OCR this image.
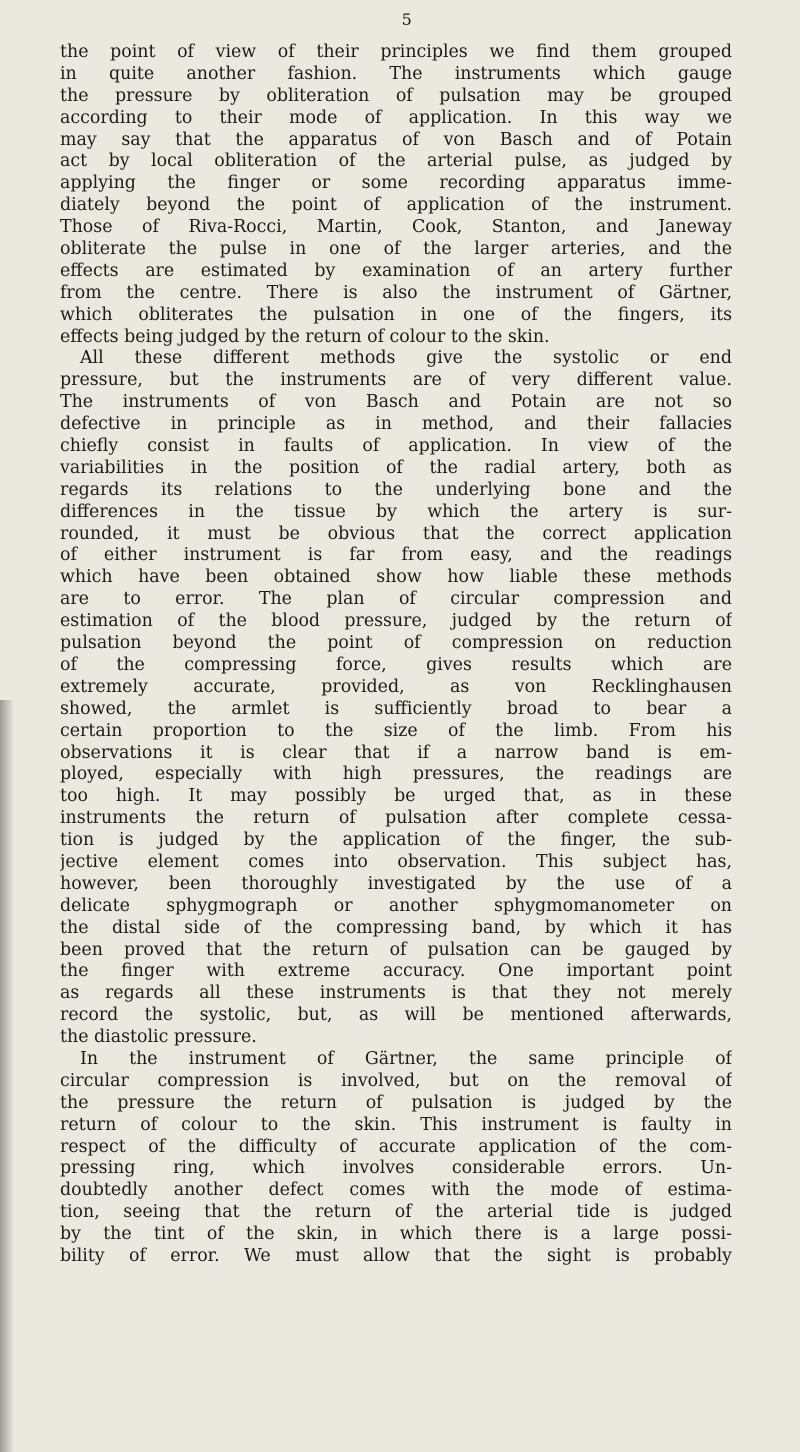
5
the point of view of their principles we find them grouped
in quite another fashion. The instruments which gauge
the pressure by obliteration of pulsation may be grouped
according to their mode of application. In this way we
may say that the apparatus of von Basch and of Potain
act by local obliteration of the arterial pulse, as judged by
applying the finger or some recording apparatus imme-
diately beyond the point of application of the instrument.
Those of Riva-Rocci, Martin, Cook, Stanton, and Janeway
obliterate the pulse in one of the larger arteries, and the
effects are estimated by examination of an artery further
from the centre. There is also the instrument of Gärtner,
which obliterates the pulsation in one of the fingers, its
effects being judged by the return of colour to the skin.
All these different methods give the systolic or end
pressure, but the instruments are of very different value.
The instruments of von Basch and Potain are not so
defective in principle as in method, and their fallacies
chiefly consist in faults of application. In view of the
variabilities in the position of the radial artery, both as
regards its relations to the underlying bone and the
differences in the tissue by which the artery is sur-
rounded, it must be obvious that the correct application
of either instrument is far from easy, and the readings
which have been obtained show how liable these methods
are to error. The plan of circular compression and
estimation of the blood pressure, judged by the return of
pulsation beyond the point of compression on reduction
of the compressing force, gives results which are
extremely accurate, provided, as von Recklinghausen
showed, the armlet is sufficiently broad to bear a
certain proportion to the size of the limb. From his
observations it is clear that if a narrow band is em-
ployed, especially with high pressures, the readings are
too high. It may possibly be urged that, as in these
instruments the return of pulsation after complete cessa-
tion is judged by the application of the finger, the sub-
jective element comes into observation. This subject has,
however, been thoroughly investigated by the use of a
delicate sphygmograph or another sphygmomanometer on
the distal side of the compressing band, by which it has
been proved that the return of pulsation can be gauged by
the finger with extreme accuracy. One important point
as regards all these instruments is that they not merely
record the systolic, but, as will be mentioned afterwards,
the diastolic pressure.
In the instrument of Gärtner, the same principle of
circular compression is involved, but on the removal of
the pressure the return of pulsation is judged by the
return of colour to the skin. This instrument is faulty in
respect of the difficulty of accurate application of the com-
pressing ring, which involves considerable errors. Un-
doubtedly another defect comes with the mode of estima-
tion, seeing that the return of the arterial tide is judged
by the tint of the skin, in which there is a large possi-
bility of error. We must allow that the sight is probably
